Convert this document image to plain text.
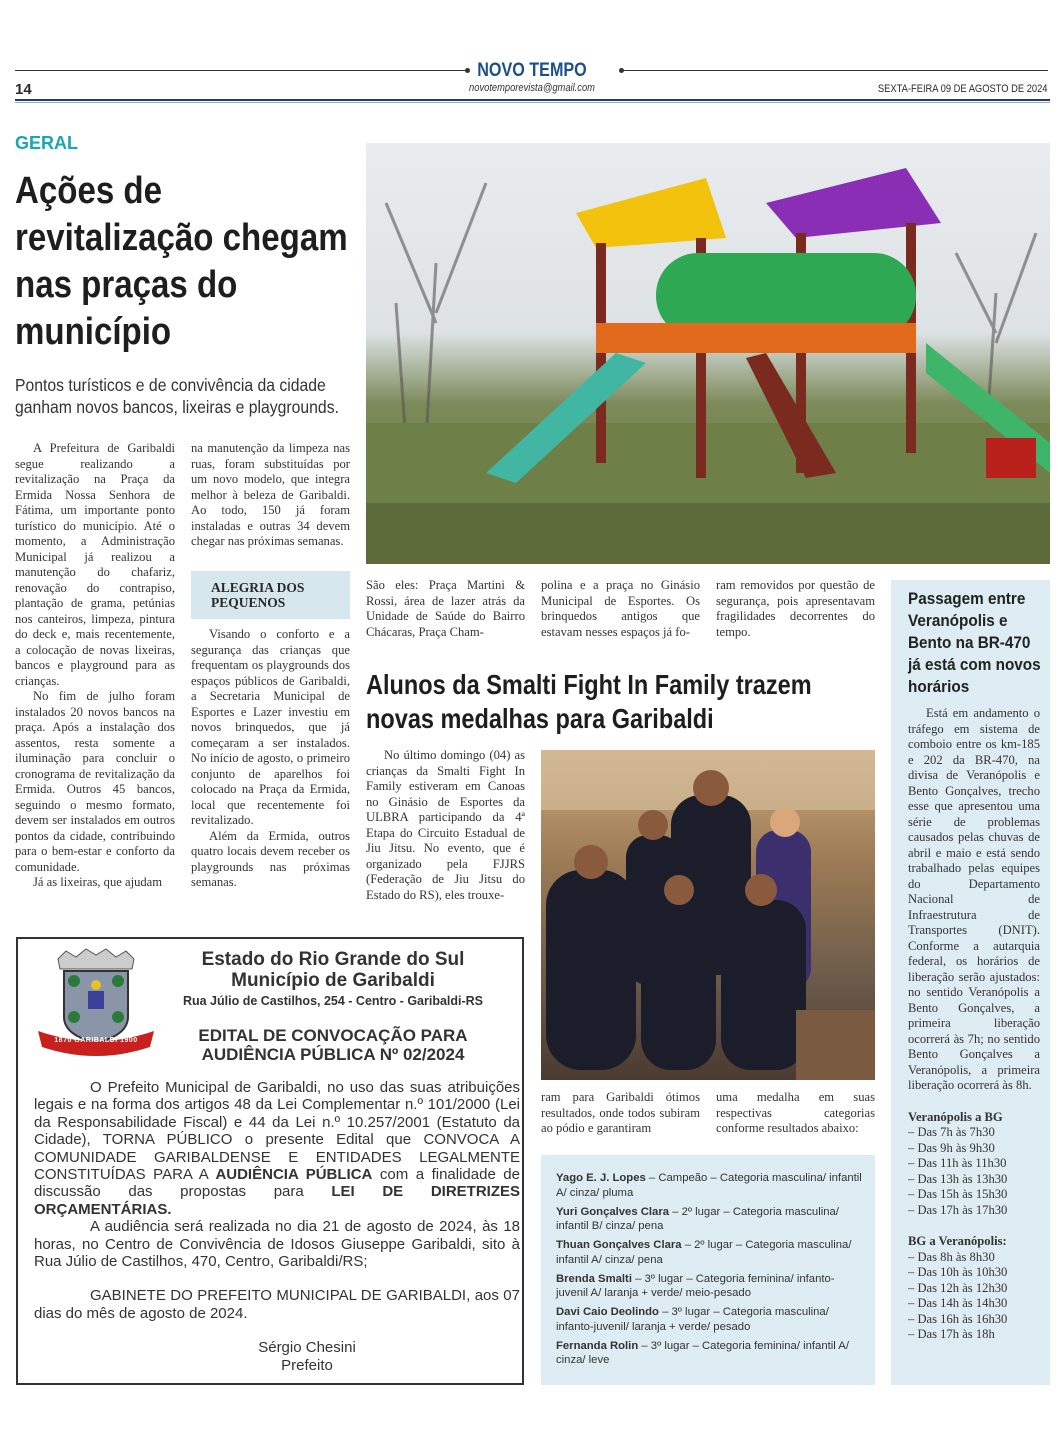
NOVO TEMPO
novotemporevista@gmail.com
14	SEXTA-FEIRA 09 DE AGOSTO DE 2024
GERAL
Ações de revitalização chegam nas praças do município
Pontos turísticos e de convivência da cidade ganham novos bancos, lixeiras e playgrounds.

A Prefeitura de Garibaldi segue realizando a revitalização na Praça da Ermida Nossa Senhora de Fátima, um importante ponto turístico do município. Até o momento, a Administração Municipal já realizou a manutenção do chafariz, renovação do contrapiso, plantação de grama, petúnias nos canteiros, limpeza, pintura do deck e, mais recentemente, a colocação de novas lixeiras, bancos e playground para as crianças.

No fim de julho foram instalados 20 novos bancos na praça. Após a instalação dos assentos, resta somente a iluminação para concluir o cronograma de revitalização da Ermida. Outros 45 bancos, seguindo o mesmo formato, devem ser instalados em outros pontos da cidade, contribuindo para o bem-estar e conforto da comunidade.

Já as lixeiras, que ajudam

na manutenção da limpeza nas ruas, foram substituídas por um novo modelo, que integra melhor à beleza de Garibaldi. Ao todo, 150 já foram instaladas e outras 34 devem chegar nas próximas semanas.

ALEGRIA DOS PEQUENOS

Visando o conforto e a segurança das crianças que frequentam os playgrounds dos espaços públicos de Garibaldi, a Secretaria Municipal de Esportes e Lazer investiu em novos brinquedos, que já começaram a ser instalados. No início de agosto, o primeiro conjunto de aparelhos foi colocado na Praça da Ermida, local que recentemente foi revitalizado.

Além da Ermida, outros quatro locais devem receber os playgrounds nas próximas semanas.

São eles: Praça Martini & Rossi, área de lazer atrás da Unidade de Saúde do Bairro Chácaras, Praça Cham-

polina e a praça no Ginásio Municipal de Esportes. Os brinquedos antigos que estavam nesses espaços já fo-

ram removidos por questão de segurança, pois apresentavam fragilidades decorrentes do tempo.

Alunos da Smalti Fight In Family trazem novas medalhas para Garibaldi

No último domingo (04) as crianças da Smalti Fight In Family estiveram em Canoas no Ginásio de Esportes da ULBRA participando da 4ª Etapa do Circuito Estadual de Jiu Jitsu. No evento, que é organizado pela FJJRS (Federação de Jiu Jitsu do Estado do RS), eles trouxe-

ram para Garibaldi ótimos resultados, onde todos subiram ao pódio e garantiram

uma medalha em suas respectivas categorias conforme resultados abaixo:

Yago E. J. Lopes – Campeão – Categoria masculina/ infantil A/ cinza/ pluma
Yuri Gonçalves Clara – 2º lugar – Categoria masculina/ infantil B/ cinza/ pena
Thuan Gonçalves Clara – 2º lugar – Categoria masculina/ infantil A/ cinza/ pena
Brenda Smalti – 3º lugar – Categoria feminina/ infanto-juvenil A/ laranja + verde/ meio-pesado
Davi Caio Deolindo – 3º lugar – Categoria masculina/ infanto-juvenil/ laranja + verde/ pesado
Fernanda Rolin – 3º lugar – Categoria feminina/ infantil A/ cinza/ leve
Passagem entre Veranópolis e Bento na BR-470 já está com novos horários

Está em andamento o tráfego em sistema de comboio entre os km-185 e 202 da BR-470, na divisa de Veranópolis e Bento Gonçalves, trecho esse que apresentou uma série de problemas causados pelas chuvas de abril e maio e está sendo trabalhado pelas equipes do Departamento Nacional de Infraestrutura de Transportes (DNIT). Conforme a autarquia federal, os horários de liberação serão ajustados: no sentido Veranópolis a Bento Gonçalves, a primeira liberação ocorrerá às 7h; no sentido Bento Gonçalves a Veranópolis, a primeira liberação ocorrerá às 8h.

Veranópolis a BG
– Das 7h às 7h30
– Das 9h às 9h30
– Das 11h às 11h30
– Das 13h às 13h30
– Das 15h às 15h30
– Das 17h às 17h30
BG a Veranópolis:
– Das 8h às 8h30
– Das 10h às 10h30
– Das 12h às 12h30
– Das 14h às 14h30
– Das 16h às 16h30
– Das 17h às 18h
1870 GARIBALDI 1900
Estado do Rio Grande do Sul
Município de Garibaldi
Rua Júlio de Castilhos, 254 - Centro - Garibaldi-RS
EDITAL DE CONVOCAÇÃO PARA
AUDIÊNCIA PÚBLICA Nº 02/2024

O Prefeito Municipal de Garibaldi, no uso das suas atribuições legais e na forma dos artigos 48 da Lei Complementar n.º 101/2000 (Lei da Responsabilidade Fiscal) e 44 da Lei n.º 10.257/2001 (Estatuto da Cidade), TORNA PÚBLICO o presente Edital que CONVOCA A COMUNIDADE GARIBALDENSE E ENTIDADES LEGALMENTE CONSTITUÍDAS PARA A AUDIÊNCIA PÚBLICA com a finalidade de discussão das propostas para LEI DE DIRETRIZES ORÇAMENTÁRIAS.

A audiência será realizada no dia 21 de agosto de 2024, às 18 horas, no Centro de Convivência de Idosos Giuseppe Garibaldi, sito à Rua Júlio de Castilhos, 470, Centro, Garibaldi/RS;

GABINETE DO PREFEITO MUNICIPAL DE GARIBALDI, aos 07 dias do mês de agosto de 2024.

Sérgio Chesini
Prefeito
